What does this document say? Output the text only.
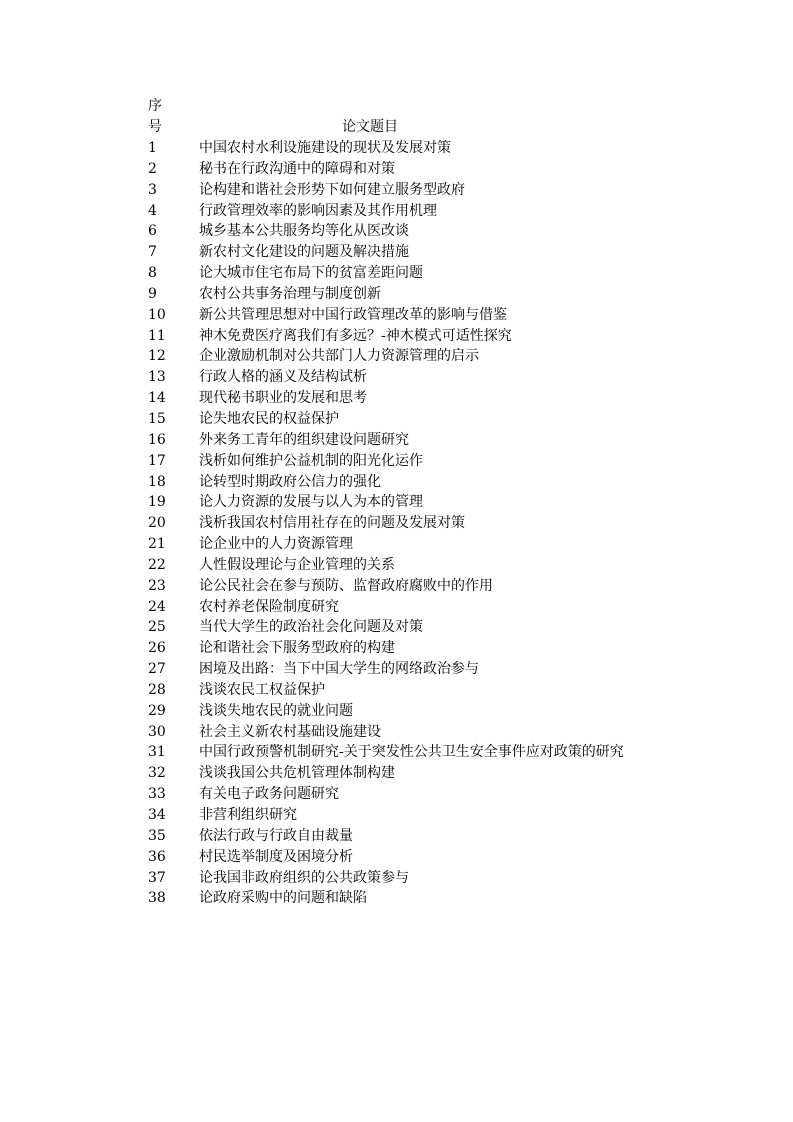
序号	论文题目
1	中国农村水利设施建设的现状及发展对策
2	秘书在行政沟通中的障碍和对策
3	论构建和谐社会形势下如何建立服务型政府
4	行政管理效率的影响因素及其作用机理
6	城乡基本公共服务均等化从医改谈
7	新农村文化建设的问题及解决措施
8	论大城市住宅布局下的贫富差距问题
9	农村公共事务治理与制度创新
10	新公共管理思想对中国行政管理改革的影响与借鉴
11	神木免费医疗离我们有多远？-神木模式可适性探究
12	企业激励机制对公共部门人力资源管理的启示
13	行政人格的涵义及结构试析
14	现代秘书职业的发展和思考
15	论失地农民的权益保护
16	外来务工青年的组织建设问题研究
17	浅析如何维护公益机制的阳光化运作
18	论转型时期政府公信力的强化
19	论人力资源的发展与以人为本的管理
20	浅析我国农村信用社存在的问题及发展对策
21	论企业中的人力资源管理
22	人性假设理论与企业管理的关系
23	论公民社会在参与预防、监督政府腐败中的作用
24	农村养老保险制度研究
25	当代大学生的政治社会化问题及对策
26	论和谐社会下服务型政府的构建
27	困境及出路：当下中国大学生的网络政治参与
28	浅谈农民工权益保护
29	浅谈失地农民的就业问题
30	社会主义新农村基础设施建设
31	中国行政预警机制研究-关于突发性公共卫生安全事件应对政策的研究
32	浅谈我国公共危机管理体制构建
33	有关电子政务问题研究
34	非营利组织研究
35	依法行政与行政自由裁量
36	村民选举制度及困境分析
37	论我国非政府组织的公共政策参与
38	论政府采购中的问题和缺陷
